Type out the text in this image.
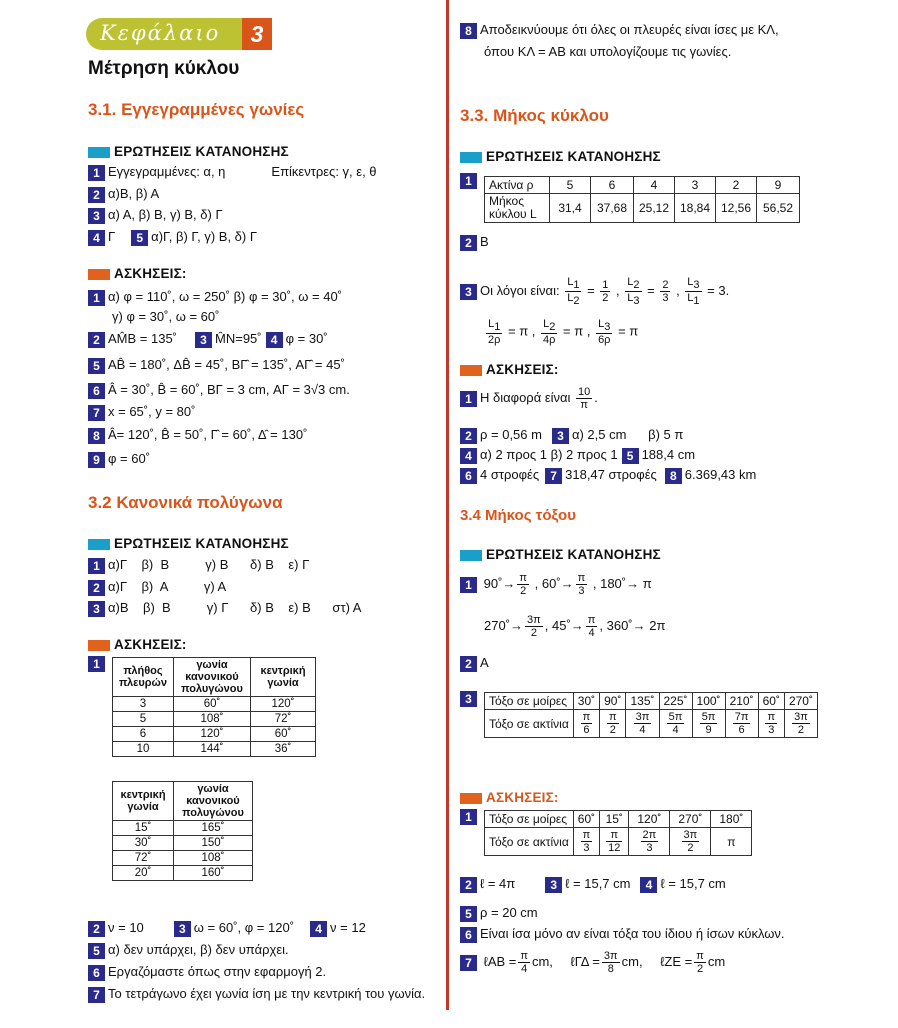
Κεφάλαιο	3
Μέτρηση κύκλου
3.1. Εγγεγραμμένες γωνίες
ΕΡΩΤΗΣΕΙΣ ΚΑΤΑΝΟΗΣΗΣ
1 Εγγεγραμμένες: α, η	Επίκεντρες: γ, ε, θ
2 α)Β, β) Α
3 α) Α, β) Β, γ) Β, δ) Γ
4 Γ 5 α)Γ, β) Γ, γ) Β, δ) Γ
ΑΣΚΗΣΕΙΣ:
1 α) φ = 110˚, ω = 250˚ β) φ = 30˚, ω = 40˚
γ) φ = 30˚, ω = 60˚
2 AM̂B = 135˚ 3 M̂N=95˚ 4 φ = 30˚
5 AB̂ = 180˚, ΔB̂ = 45˚, BΓ̂ = 135˚, AΓ̂ = 45˚
6 Â = 30˚, B̂ = 60˚, ΒΓ = 3 cm, ΑΓ = 3√3 cm.
7 x = 65˚, y = 80˚
8 Â= 120˚, B̂ = 50˚, Γ̂ = 60˚, Δ̂ = 130˚
9 φ = 60˚
3.2 Κανονικά πολύγωνα
ΕΡΩΤΗΣΕΙΣ ΚΑΤΑΝΟΗΣΗΣ
1 α)Γ    β)  Β          γ) Β      δ) Β    ε) Γ
2 α)Γ    β)  Α          γ) Α
3 α)Β    β)  Β          γ) Γ      δ) Β    ε) Β      στ) Α
ΑΣΚΗΣΕΙΣ:
1
πλήθος πλευρών	γωνία κανονικού πολυγώνου	κεντρική γωνία
3	60˚	120˚
5	108˚	72˚
6	120˚	60˚
10	144˚	36˚
κεντρική γωνία	γωνία κανονικού πολυγώνου
15˚	165˚
30˚	150˚
72˚	108˚
20˚	160˚
2 ν = 10	3 ω = 60˚, φ = 120˚ 4 ν = 12
5 α) δεν υπάρχει, β) δεν υπάρχει.
6 Εργαζόμαστε όπως στην εφαρμογή 2.
7 Το τετράγωνο έχει γωνία ίση με την κεντρική του γωνία.
8 Αποδεικνύουμε ότι όλες οι πλευρές είναι ίσες με ΚΛ,
όπου ΚΛ = ΑΒ και υπολογίζουμε τις γωνίες.
3.3. Μήκος κύκλου
ΕΡΩΤΗΣΕΙΣ ΚΑΤΑΝΟΗΣΗΣ
1	Ακτίνα ρ	5	6	4	3	2	9
Μήκος κύκλου L	31,4	37,68	25,12	18,84	12,56	56,52
2 Β
3 Οι λόγοι είναι: $\frac{L_1}{L_2} = \frac{1}{2}$ , $\frac{L_2}{L_3} = \frac{2}{3}$ , $\frac{L_3}{L_1} = 3$.
$\frac{L_1}{2\rho} = \pi$ , $\frac{L_2}{4\rho} = \pi$ , $\frac{L_3}{6\rho} = \pi$
ΑΣΚΗΣΕΙΣ:
1 Η διαφορά είναι $\frac{10}{\pi}$ .
2 ρ = 0,56 m 3 α) 2,5 cm      β) 5 π
4 α) 2 προς 1 β) 2 προς 1 5 188,4 cm
6 4 στροφές 7 318,47 στροφές 8 6.369,43 km
3.4 Μήκος τόξου
ΕΡΩΤΗΣΕΙΣ ΚΑΤΑΝΟΗΣΗΣ
1 90˚→ $\frac{\pi}{2}$ , 60˚→ $\frac{\pi}{3}$ , 180˚→ π
270˚→ $\frac{3\pi}{2}$ , 45˚→ $\frac{\pi}{4}$ , 360˚→ 2π
2 Α
3	Τόξο σε μοίρες	30˚	90˚	135˚	225˚	100˚	210˚	60˚	270˚
Τόξο σε ακτίνια	$\frac{\pi}{6}$	$\frac{\pi}{2}$	$\frac{3\pi}{4}$	$\frac{5\pi}{4}$	$\frac{5\pi}{9}$	$\frac{7\pi}{6}$	$\frac{\pi}{3}$	$\frac{3\pi}{2}$
ΑΣΚΗΣΕΙΣ:
1	Τόξο σε μοίρες	60˚	15˚	120˚	270˚	180˚
Τόξο σε ακτίνια	$\frac{\pi}{3}$	$\frac{\pi}{12}$	$\frac{2\pi}{3}$	$\frac{3\pi}{2}$	π
2 ℓ = 4π	3 ℓ = 15,7 cm 4 ℓ = 15,7 cm
5 ρ = 20 cm
6 Είναι ίσα μόνο αν είναι τόξα του ίδιου ή ίσων κύκλων.
7 ℓAB = $\frac{\pi}{4}$ cm, ℓΓΔ = $\frac{3\pi}{8}$ cm, ℓZE = $\frac{\pi}{2}$ cm
